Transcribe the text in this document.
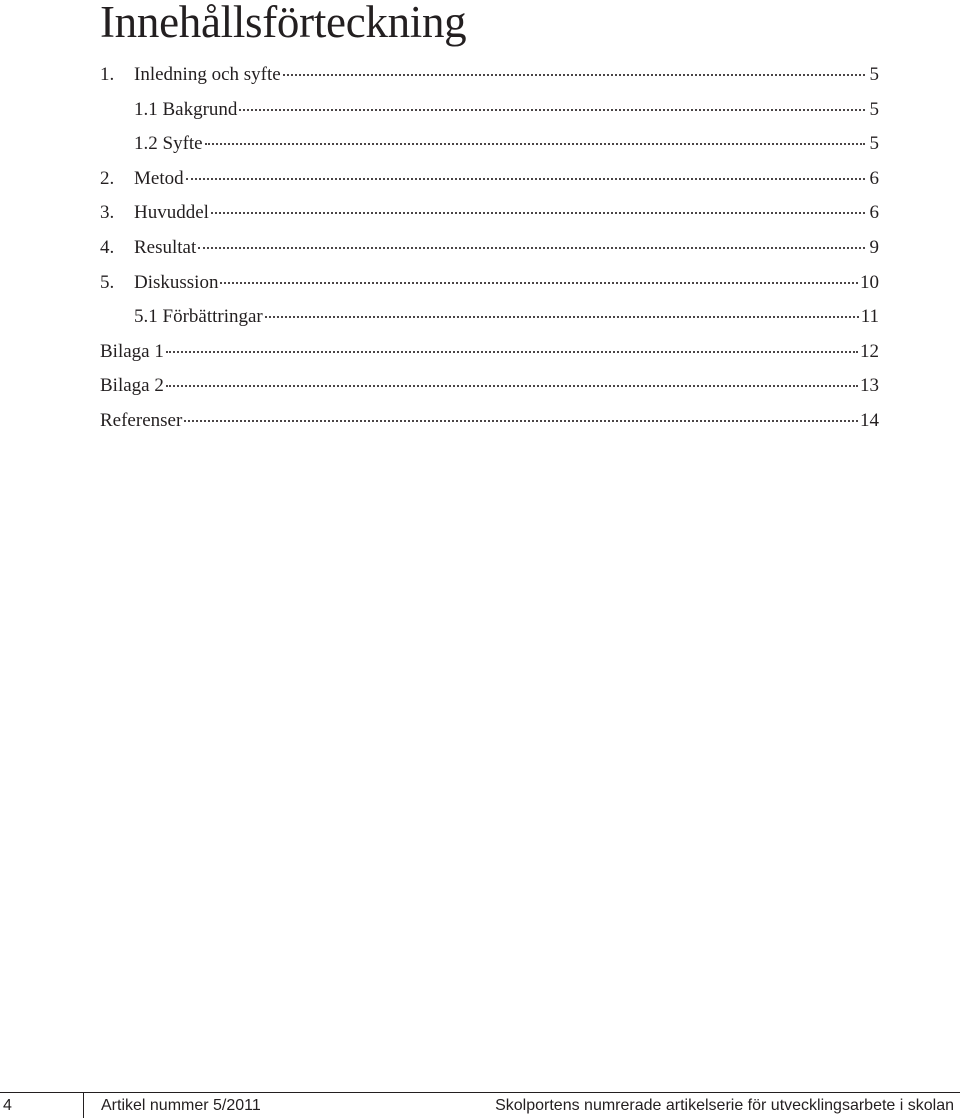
Innehållsförteckning
1.	Inledning och syfte	5
1.1 Bakgrund	5
1.2 Syfte	5
2.	Metod	6
3.	Huvuddel	6
4.	Resultat	9
5.	Diskussion	10
5.1 Förbättringar	11
Bilaga 1	12
Bilaga 2	13
Referenser	14
4	Artikel nummer 5/2011	Skolportens numrerade artikelserie för utvecklingsarbete i skolan
